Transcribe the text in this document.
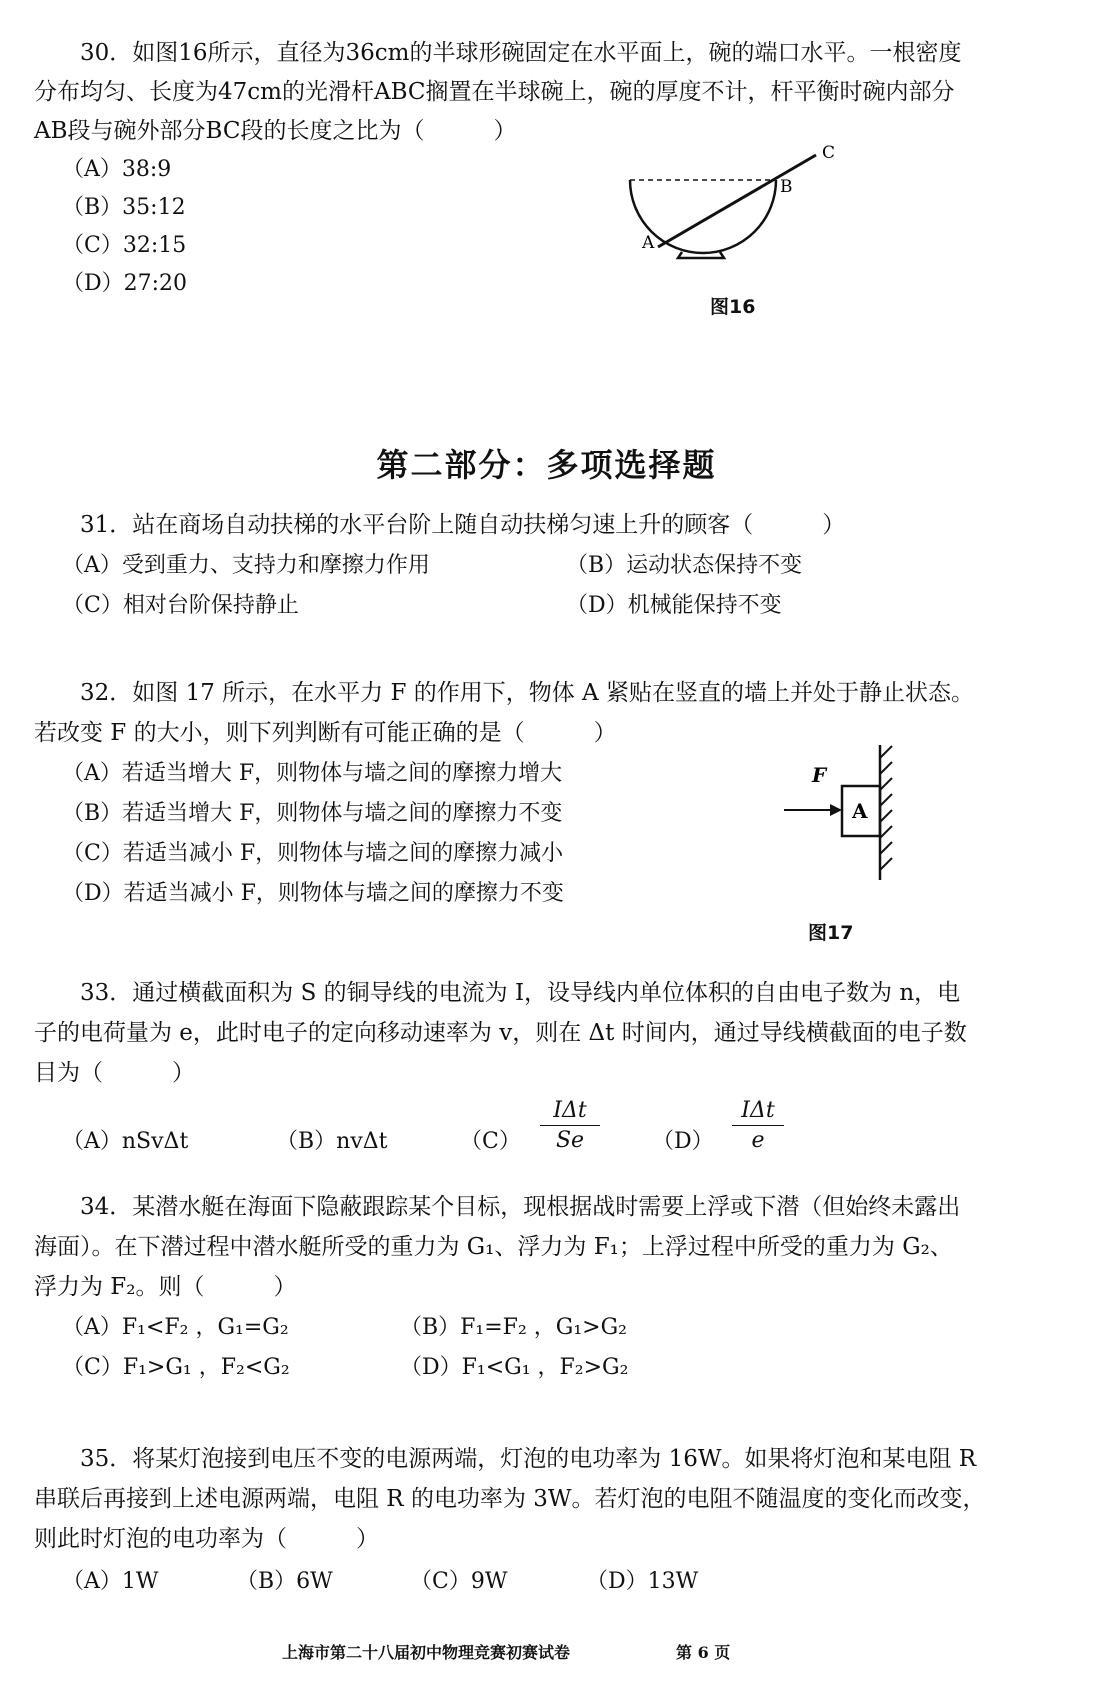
30．如图16所示，直径为36cm的半球形碗固定在水平面上，碗的端口水平。一根密度
分布均匀、长度为47cm的光滑杆ABC搁置在半球碗上，碗的厚度不计，杆平衡时碗内部分
AB段与碗外部分BC段的长度之比为（　　　）
（A）38:9
（B）35:12
（C）32:15
（D）27:20
A
B
C
图16
第二部分：多项选择题
31．站在商场自动扶梯的水平台阶上随自动扶梯匀速上升的顾客（　　　）
（A）受到重力、支持力和摩擦力作用	（B）运动状态保持不变
（C）相对台阶保持静止	（D）机械能保持不变
32．如图 17 所示，在水平力 F 的作用下，物体 A 紧贴在竖直的墙上并处于静止状态。
若改变 F 的大小，则下列判断有可能正确的是（　　　）
（A）若适当增大 F，则物体与墙之间的摩擦力增大
（B）若适当增大 F，则物体与墙之间的摩擦力不变
（C）若适当减小 F，则物体与墙之间的摩擦力减小
（D）若适当减小 F，则物体与墙之间的摩擦力不变
F
A
图17
33．通过横截面积为 S 的铜导线的电流为 I，设导线内单位体积的自由电子数为 n，电
子的电荷量为 e，此时电子的定向移动速率为 v，则在 Δt 时间内，通过导线横截面的电子数
目为（　　　）
（A）nSvΔt	（B）nvΔt	（C）
IΔt
Se	（D）
IΔt
e
34．某潜水艇在海面下隐蔽跟踪某个目标，现根据战时需要上浮或下潜（但始终未露出
海面）。在下潜过程中潜水艇所受的重力为 G₁、浮力为 F₁；上浮过程中所受的重力为 G₂、
浮力为 F₂。则（　　　）
（A）F₁<F₂ ，G₁=G₂	（B）F₁=F₂ ，G₁>G₂
（C）F₁>G₁ ，F₂<G₂	（D）F₁<G₁ ，F₂>G₂
35．将某灯泡接到电压不变的电源两端，灯泡的电功率为 16W。如果将灯泡和某电阻 R
串联后再接到上述电源两端，电阻 R 的电功率为 3W。若灯泡的电阻不随温度的变化而改变，
则此时灯泡的电功率为（　　　）
（A）1W	（B）6W	（C）9W	（D）13W
上海市第二十八届初中物理竞赛初赛试卷	第 6 页
